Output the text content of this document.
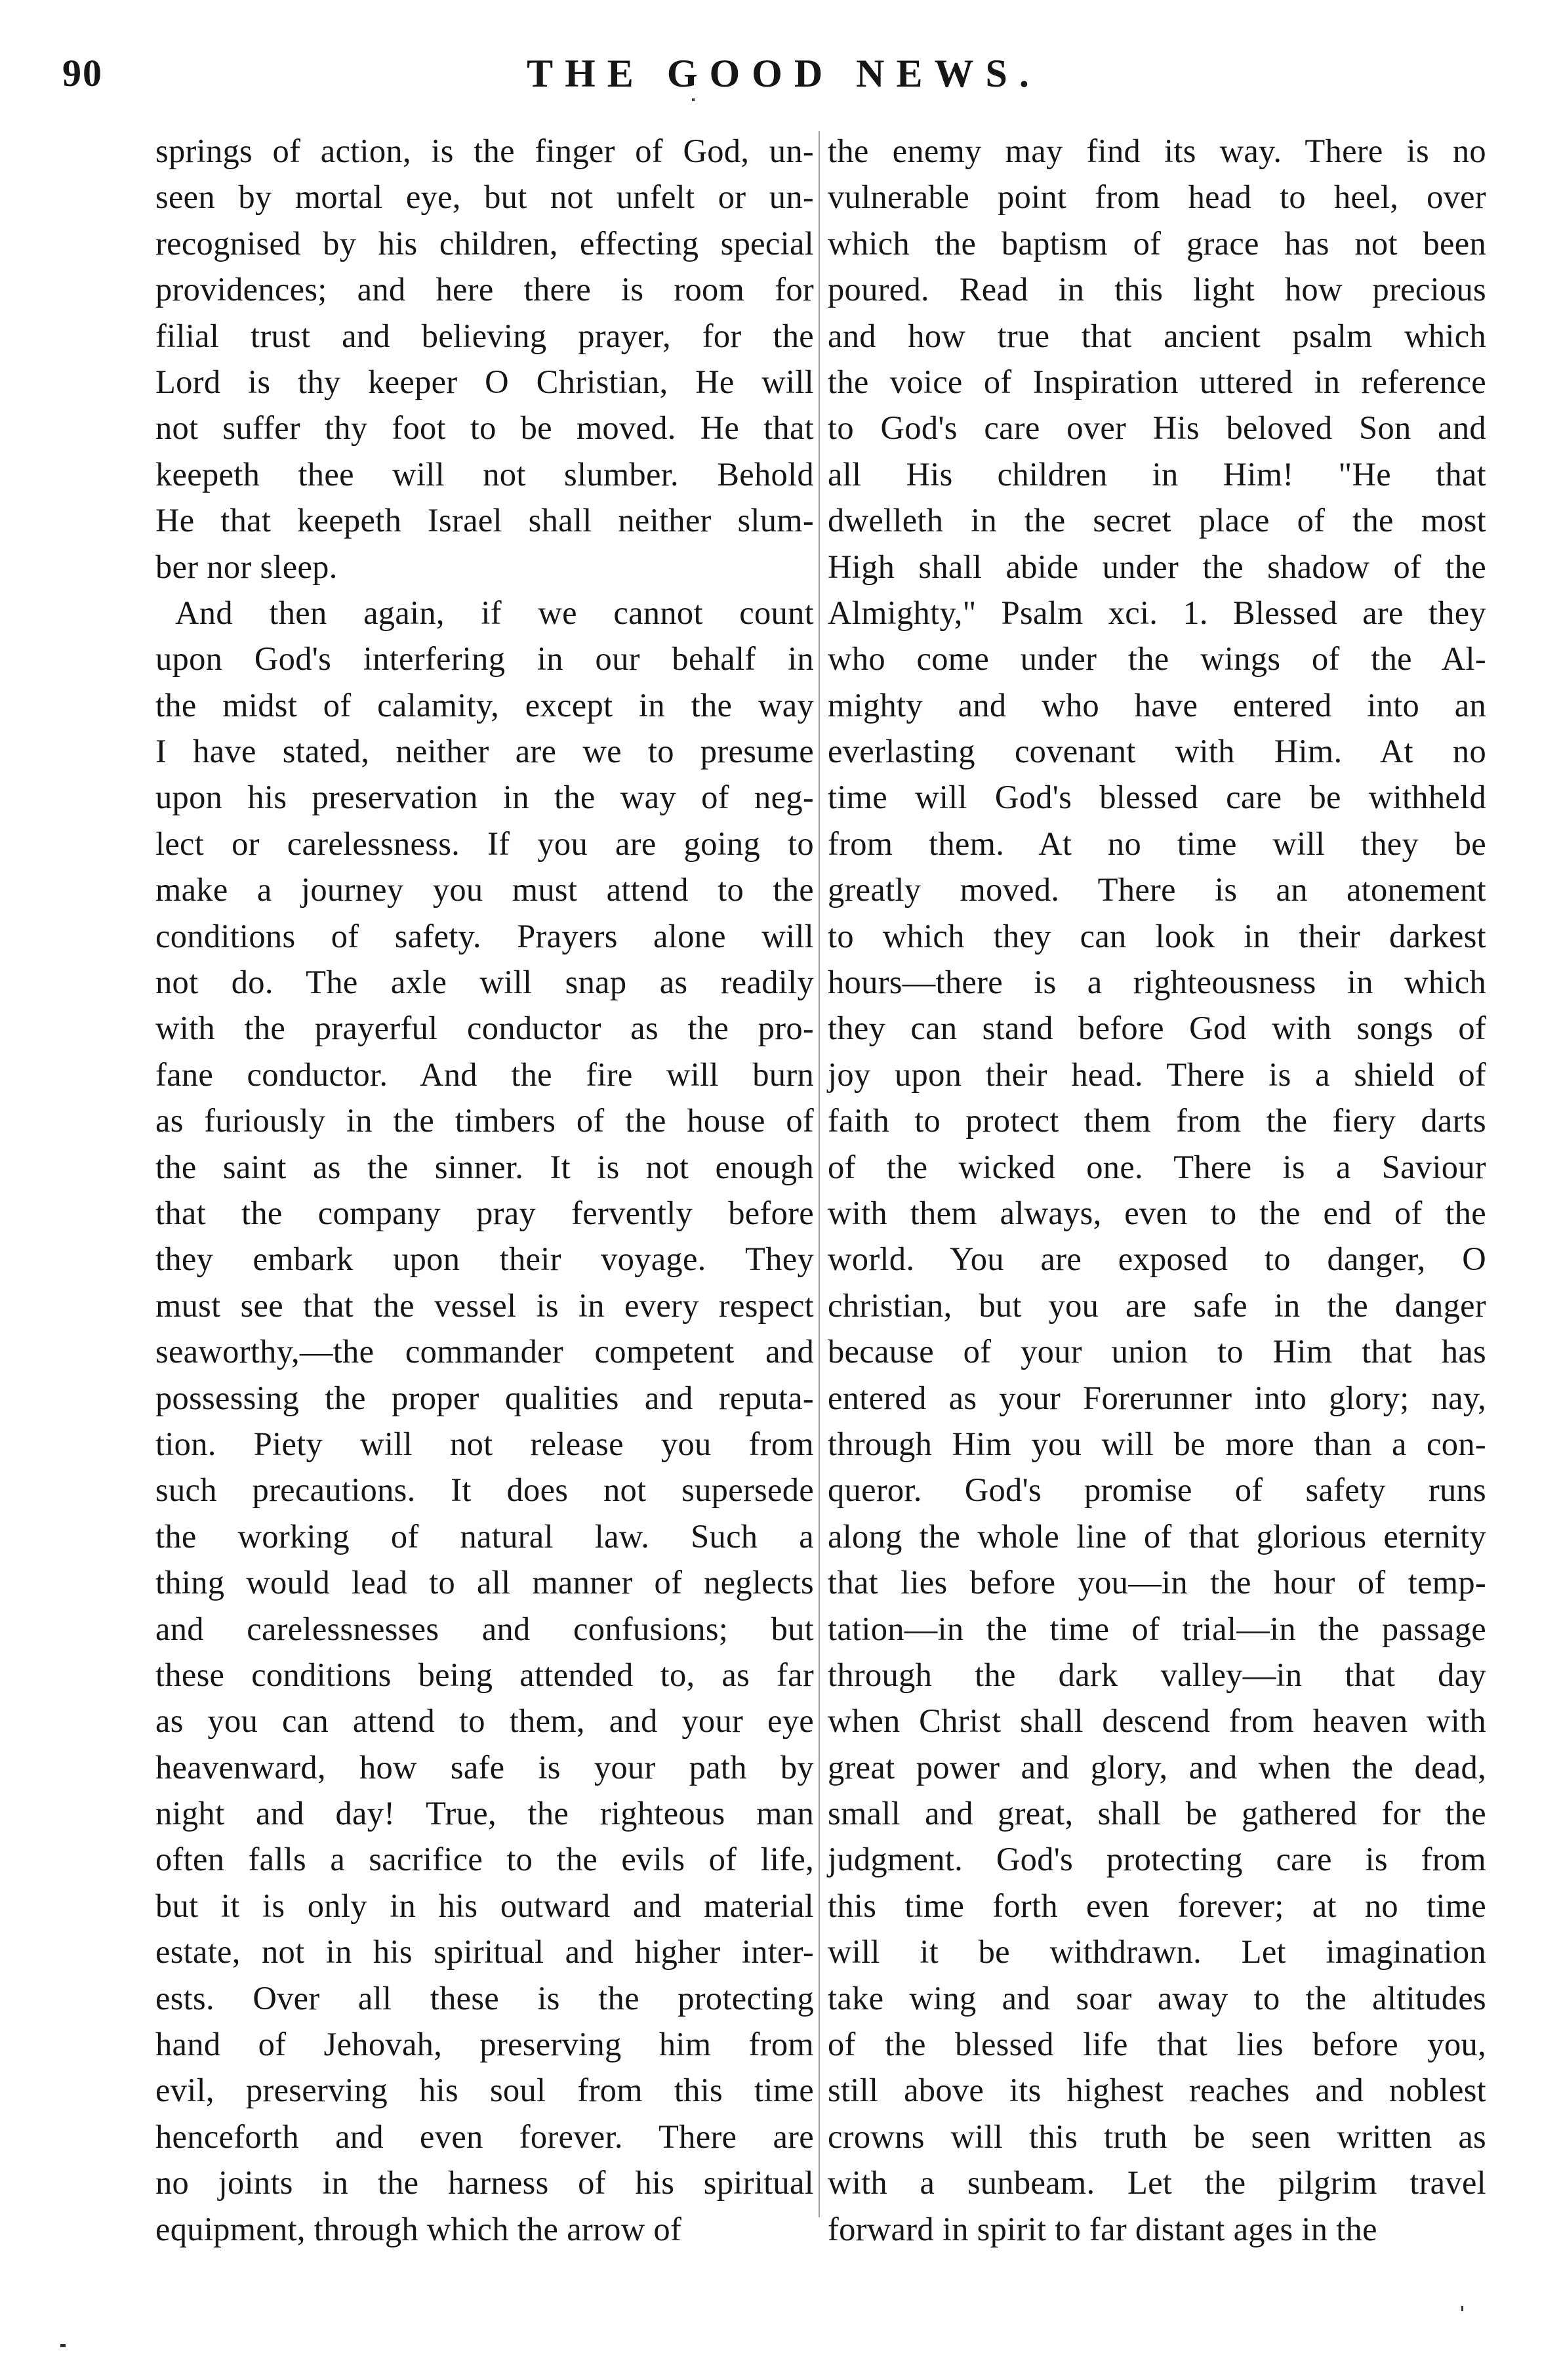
90	THE GOOD NEWS.
springs of action, is the finger of God, un-
seen by mortal eye, but not unfelt or un-
recognised by his children, effecting special
providences; and here there is room for
filial trust and believing prayer, for the
Lord is thy keeper O Christian, He will
not suffer thy foot to be moved. He that
keepeth thee will not slumber. Behold
He that keepeth Israel shall neither slum-
ber nor sleep.
And then again, if we cannot count
upon God's interfering in our behalf in
the midst of calamity, except in the way
I have stated, neither are we to presume
upon his preservation in the way of neg-
lect or carelessness. If you are going to
make a journey you must attend to the
conditions of safety. Prayers alone will
not do. The axle will snap as readily
with the prayerful conductor as the pro-
fane conductor. And the fire will burn
as furiously in the timbers of the house of
the saint as the sinner. It is not enough
that the company pray fervently before
they embark upon their voyage. They
must see that the vessel is in every respect
seaworthy,—the commander competent and
possessing the proper qualities and reputa-
tion. Piety will not release you from
such precautions. It does not supersede
the working of natural law. Such a
thing would lead to all manner of neglects
and carelessnesses and confusions; but
these conditions being attended to, as far
as you can attend to them, and your eye
heavenward, how safe is your path by
night and day! True, the righteous man
often falls a sacrifice to the evils of life,
but it is only in his outward and material
estate, not in his spiritual and higher inter-
ests. Over all these is the protecting
hand of Jehovah, preserving him from
evil, preserving his soul from this time
henceforth and even forever. There are
no joints in the harness of his spiritual
equipment, through which the arrow of
the enemy may find its way. There is no
vulnerable point from head to heel, over
which the baptism of grace has not been
poured. Read in this light how precious
and how true that ancient psalm which
the voice of Inspiration uttered in reference
to God's care over His beloved Son and
all His children in Him! "He that
dwelleth in the secret place of the most
High shall abide under the shadow of the
Almighty," Psalm xci. 1. Blessed are they
who come under the wings of the Al-
mighty and who have entered into an
everlasting covenant with Him. At no
time will God's blessed care be withheld
from them. At no time will they be
greatly moved. There is an atonement
to which they can look in their darkest
hours—there is a righteousness in which
they can stand before God with songs of
joy upon their head. There is a shield of
faith to protect them from the fiery darts
of the wicked one. There is a Saviour
with them always, even to the end of the
world. You are exposed to danger, O
christian, but you are safe in the danger
because of your union to Him that has
entered as your Forerunner into glory; nay,
through Him you will be more than a con-
queror. God's promise of safety runs
along the whole line of that glorious eternity
that lies before you—in the hour of temp-
tation—in the time of trial—in the passage
through the dark valley—in that day
when Christ shall descend from heaven with
great power and glory, and when the dead,
small and great, shall be gathered for the
judgment. God's protecting care is from
this time forth even forever; at no time
will it be withdrawn. Let imagination
take wing and soar away to the altitudes
of the blessed life that lies before you,
still above its highest reaches and noblest
crowns will this truth be seen written as
with a sunbeam. Let the pilgrim travel
forward in spirit to far distant ages in the
